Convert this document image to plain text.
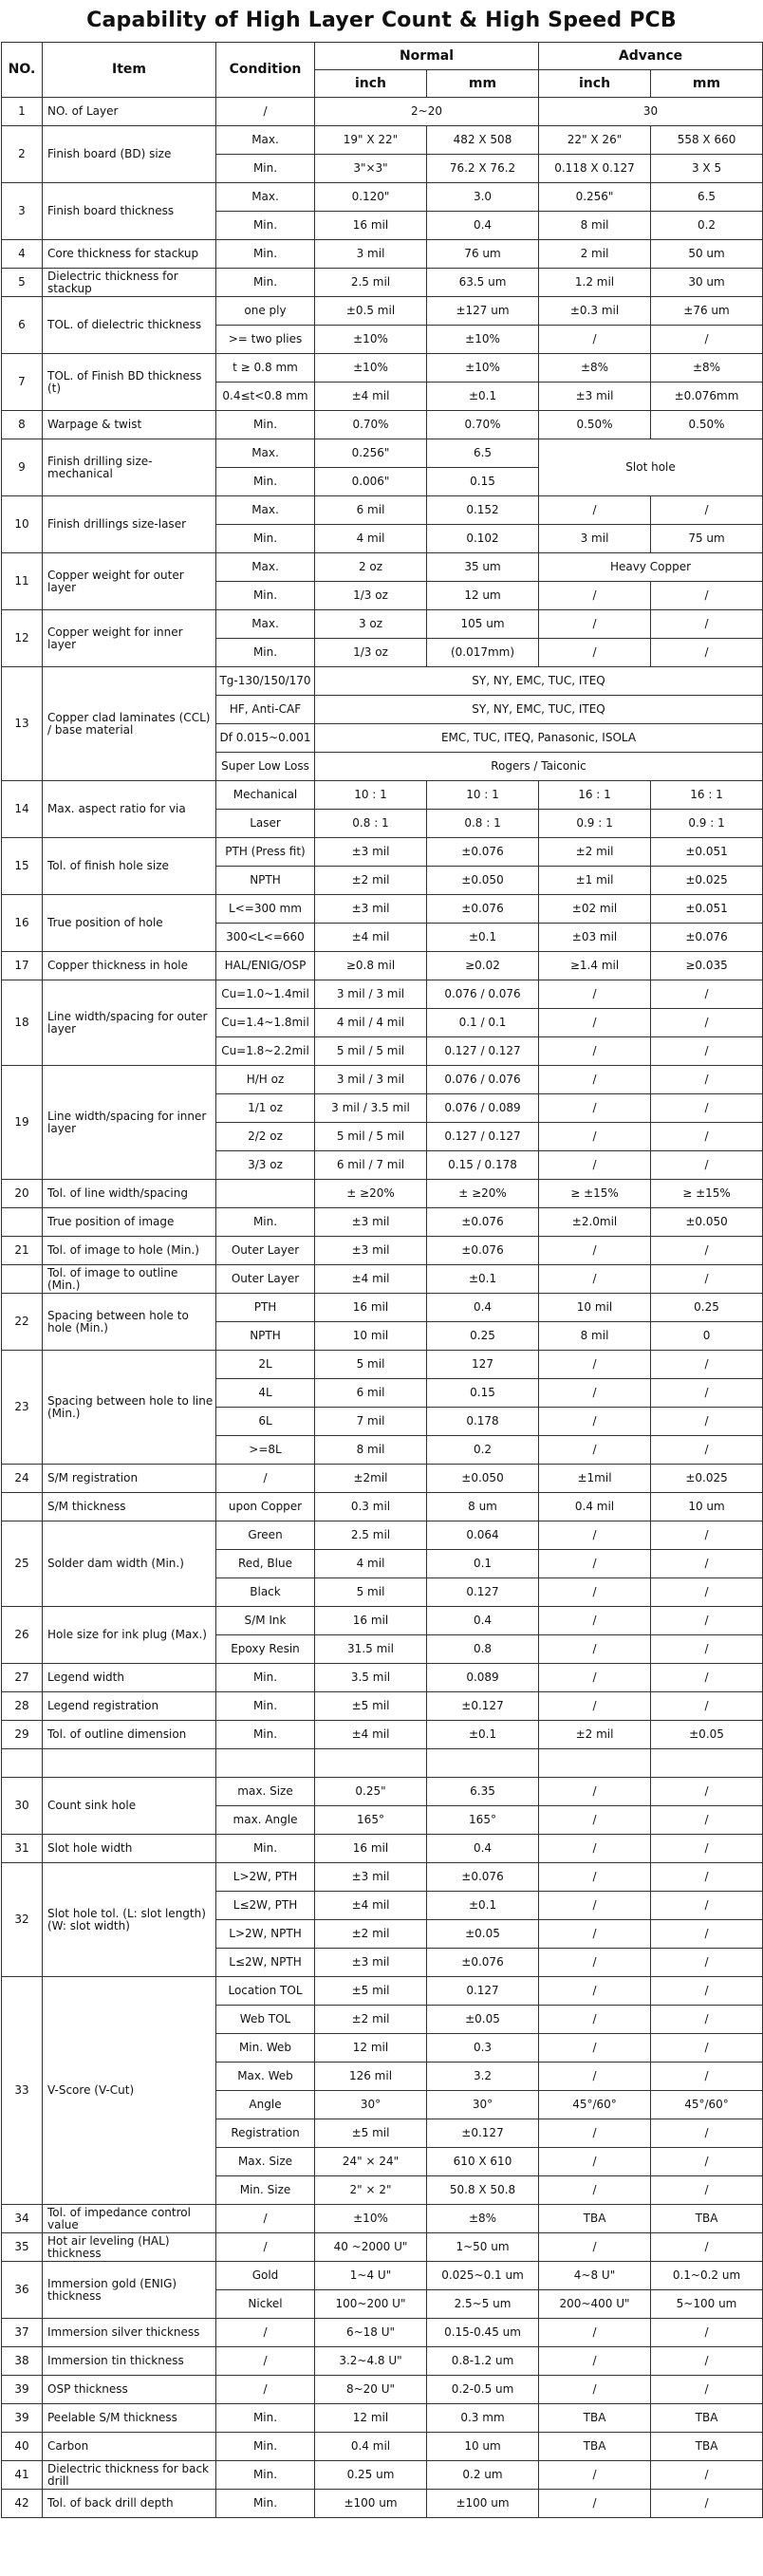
Capability of High Layer Count & High Speed PCB
NO.	Item	Condition	Normal		Advance	
			inch	mm	inch	mm
1	NO. of Layer	/	2~20		30	
2	Finish board (BD) size	Max.	19" X 22"	482 X 508	22" X 26"	558 X 660
		Min.	3"×3"	76.2 X 76.2	0.118 X 0.127	3 X 5
3	Finish board thickness	Max.	0.120"	3.0	0.256"	6.5
		Min.	16 mil	0.4	8 mil	0.2
4	Core thickness for stackup	Min.	3 mil	76 um	2 mil	50 um
5	Dielectric thickness for stackup	Min.	2.5 mil	63.5 um	1.2 mil	30 um
6	TOL. of dielectric thickness	one ply	±0.5 mil	±127 um	±0.3 mil	±76 um
		>= two plies	±10%	±10%	/	/
7	TOL. of Finish BD thickness (t)	t ≥ 0.8 mm	±10%	±10%	±8%	±8%
		0.4≤t<0.8 mm	±4 mil	±0.1	±3 mil	±0.076mm
8	Warpage & twist	Min.	0.70%	0.70%	0.50%	0.50%
9	Finish drilling size-mechanical	Max.	0.256"	6.5	Slot hole	
		Min.	0.006"	0.15		
10	Finish drillings size-laser	Max.	6 mil	0.152	/	/
		Min.	4 mil	0.102	3 mil	75 um
11	Copper weight for outer layer	Max.	2 oz	35 um	Heavy Copper	
		Min.	1/3 oz	12 um	/	/
12	Copper weight for inner layer	Max.	3 oz	105 um	/	/
		Min.	1/3 oz	(0.017mm)	/	/
13	Copper clad laminates (CCL) / base material	Tg-130/150/170	SY, NY, EMC, TUC, ITEQ			
		HF, Anti-CAF	SY, NY, EMC, TUC, ITEQ			
		Df 0.015~0.001	EMC, TUC, ITEQ, Panasonic, ISOLA			
		Super Low Loss	Rogers / Taiconic			
14	Max. aspect ratio for via	Mechanical	10 : 1	10 : 1	16 : 1	16 : 1
		Laser	0.8 : 1	0.8 : 1	0.9 : 1	0.9 : 1
15	Tol. of finish hole size	PTH (Press fit)	±3 mil	±0.076	±2 mil	±0.051
		NPTH	±2 mil	±0.050	±1 mil	±0.025
16	True position of hole	L<=300 mm	±3 mil	±0.076	±02 mil	±0.051
		300<L<=660	±4 mil	±0.1	±03 mil	±0.076
17	Copper thickness in hole	HAL/ENIG/OSP	≥0.8 mil	≥0.02	≥1.4 mil	≥0.035
18	Line width/spacing for outer layer	Cu=1.0~1.4mil	3 mil / 3 mil	0.076 / 0.076	/	/
		Cu=1.4~1.8mil	4 mil / 4 mil	0.1 / 0.1	/	/
		Cu=1.8~2.2mil	5 mil / 5 mil	0.127 / 0.127	/	/
19	Line width/spacing for inner layer	H/H oz	3 mil / 3 mil	0.076 / 0.076	/	/
		1/1 oz	3 mil / 3.5 mil	0.076 / 0.089	/	/
		2/2 oz	5 mil / 5 mil	0.127 / 0.127	/	/
		3/3 oz	6 mil / 7 mil	0.15 / 0.178	/	/
20	Tol. of line width/spacing		± ≥20%	± ≥20%	≥ ±15%	≥ ±15%
	True position of image	Min.	±3 mil	±0.076	±2.0mil	±0.050
21	Tol. of image to hole (Min.)	Outer Layer	±3 mil	±0.076	/	/
	Tol. of image to outline (Min.)	Outer Layer	±4 mil	±0.1	/	/
22	Spacing between hole to hole (Min.)	PTH	16 mil	0.4	10 mil	0.25
		NPTH	10 mil	0.25	8 mil	0
23	Spacing between hole to line (Min.)	2L	5 mil	127	/	/
		4L	6 mil	0.15	/	/
		6L	7 mil	0.178	/	/
		>=8L	8 mil	0.2	/	/
24	S/M registration	/	±2mil	±0.050	±1mil	±0.025
	S/M thickness	upon Copper	0.3 mil	8 um	0.4 mil	10 um
25	Solder dam width (Min.)	Green	2.5 mil	0.064	/	/
		Red, Blue	4 mil	0.1	/	/
		Black	5 mil	0.127	/	/
26	Hole size for ink plug (Max.)	S/M Ink	16 mil	0.4	/	/
		Epoxy Resin	31.5 mil	0.8	/	/
27	Legend width	Min.	3.5 mil	0.089	/	/
28	Legend registration	Min.	±5 mil	±0.127	/	/
29	Tol. of outline dimension	Min.	±4 mil	±0.1	±2 mil	±0.05

30	Count sink hole	max. Size	0.25"	6.35	/	/
		max. Angle	165°	165°	/	/
31	Slot hole width	Min.	16 mil	0.4	/	/
32	Slot hole tol. (L: slot length) (W: slot width)	L>2W, PTH	±3 mil	±0.076	/	/
		L≤2W, PTH	±4 mil	±0.1	/	/
		L>2W, NPTH	±2 mil	±0.05	/	/
		L≤2W, NPTH	±3 mil	±0.076	/	/
33	V-Score (V-Cut)	Location TOL	±5 mil	0.127	/	/
		Web TOL	±2 mil	±0.05	/	/
		Min. Web	12 mil	0.3	/	/
		Max. Web	126 mil	3.2	/	/
		Angle	30°	30°	45°/60°	45°/60°
		Registration	±5 mil	±0.127	/	/
		Max. Size	24" × 24"	610 X 610	/	/
		Min. Size	2" × 2"	50.8 X 50.8	/	/
34	Tol. of impedance control value	/	±10%	±8%	TBA	TBA
35	Hot air leveling (HAL) thickness	/	40 ~2000 U"	1~50 um	/	/
36	Immersion gold (ENIG) thickness	Gold	1~4 U"	0.025~0.1 um	4~8 U"	0.1~0.2 um
		Nickel	100~200 U"	2.5~5 um	200~400 U"	5~100 um
37	Immersion silver thickness	/	6~18 U"	0.15-0.45 um	/	/
38	Immersion tin thickness	/	3.2~4.8 U"	0.8-1.2 um	/	/
39	OSP thickness	/	8~20 U"	0.2-0.5 um	/	/
39	Peelable S/M thickness	Min.	12 mil	0.3 mm	TBA	TBA
40	Carbon	Min.	0.4 mil	10 um	TBA	TBA
41	Dielectric thickness for back drill	Min.	0.25 um	0.2 um	/	/
42	Tol. of back drill depth	Min.	±100 um	±100 um	/	/
